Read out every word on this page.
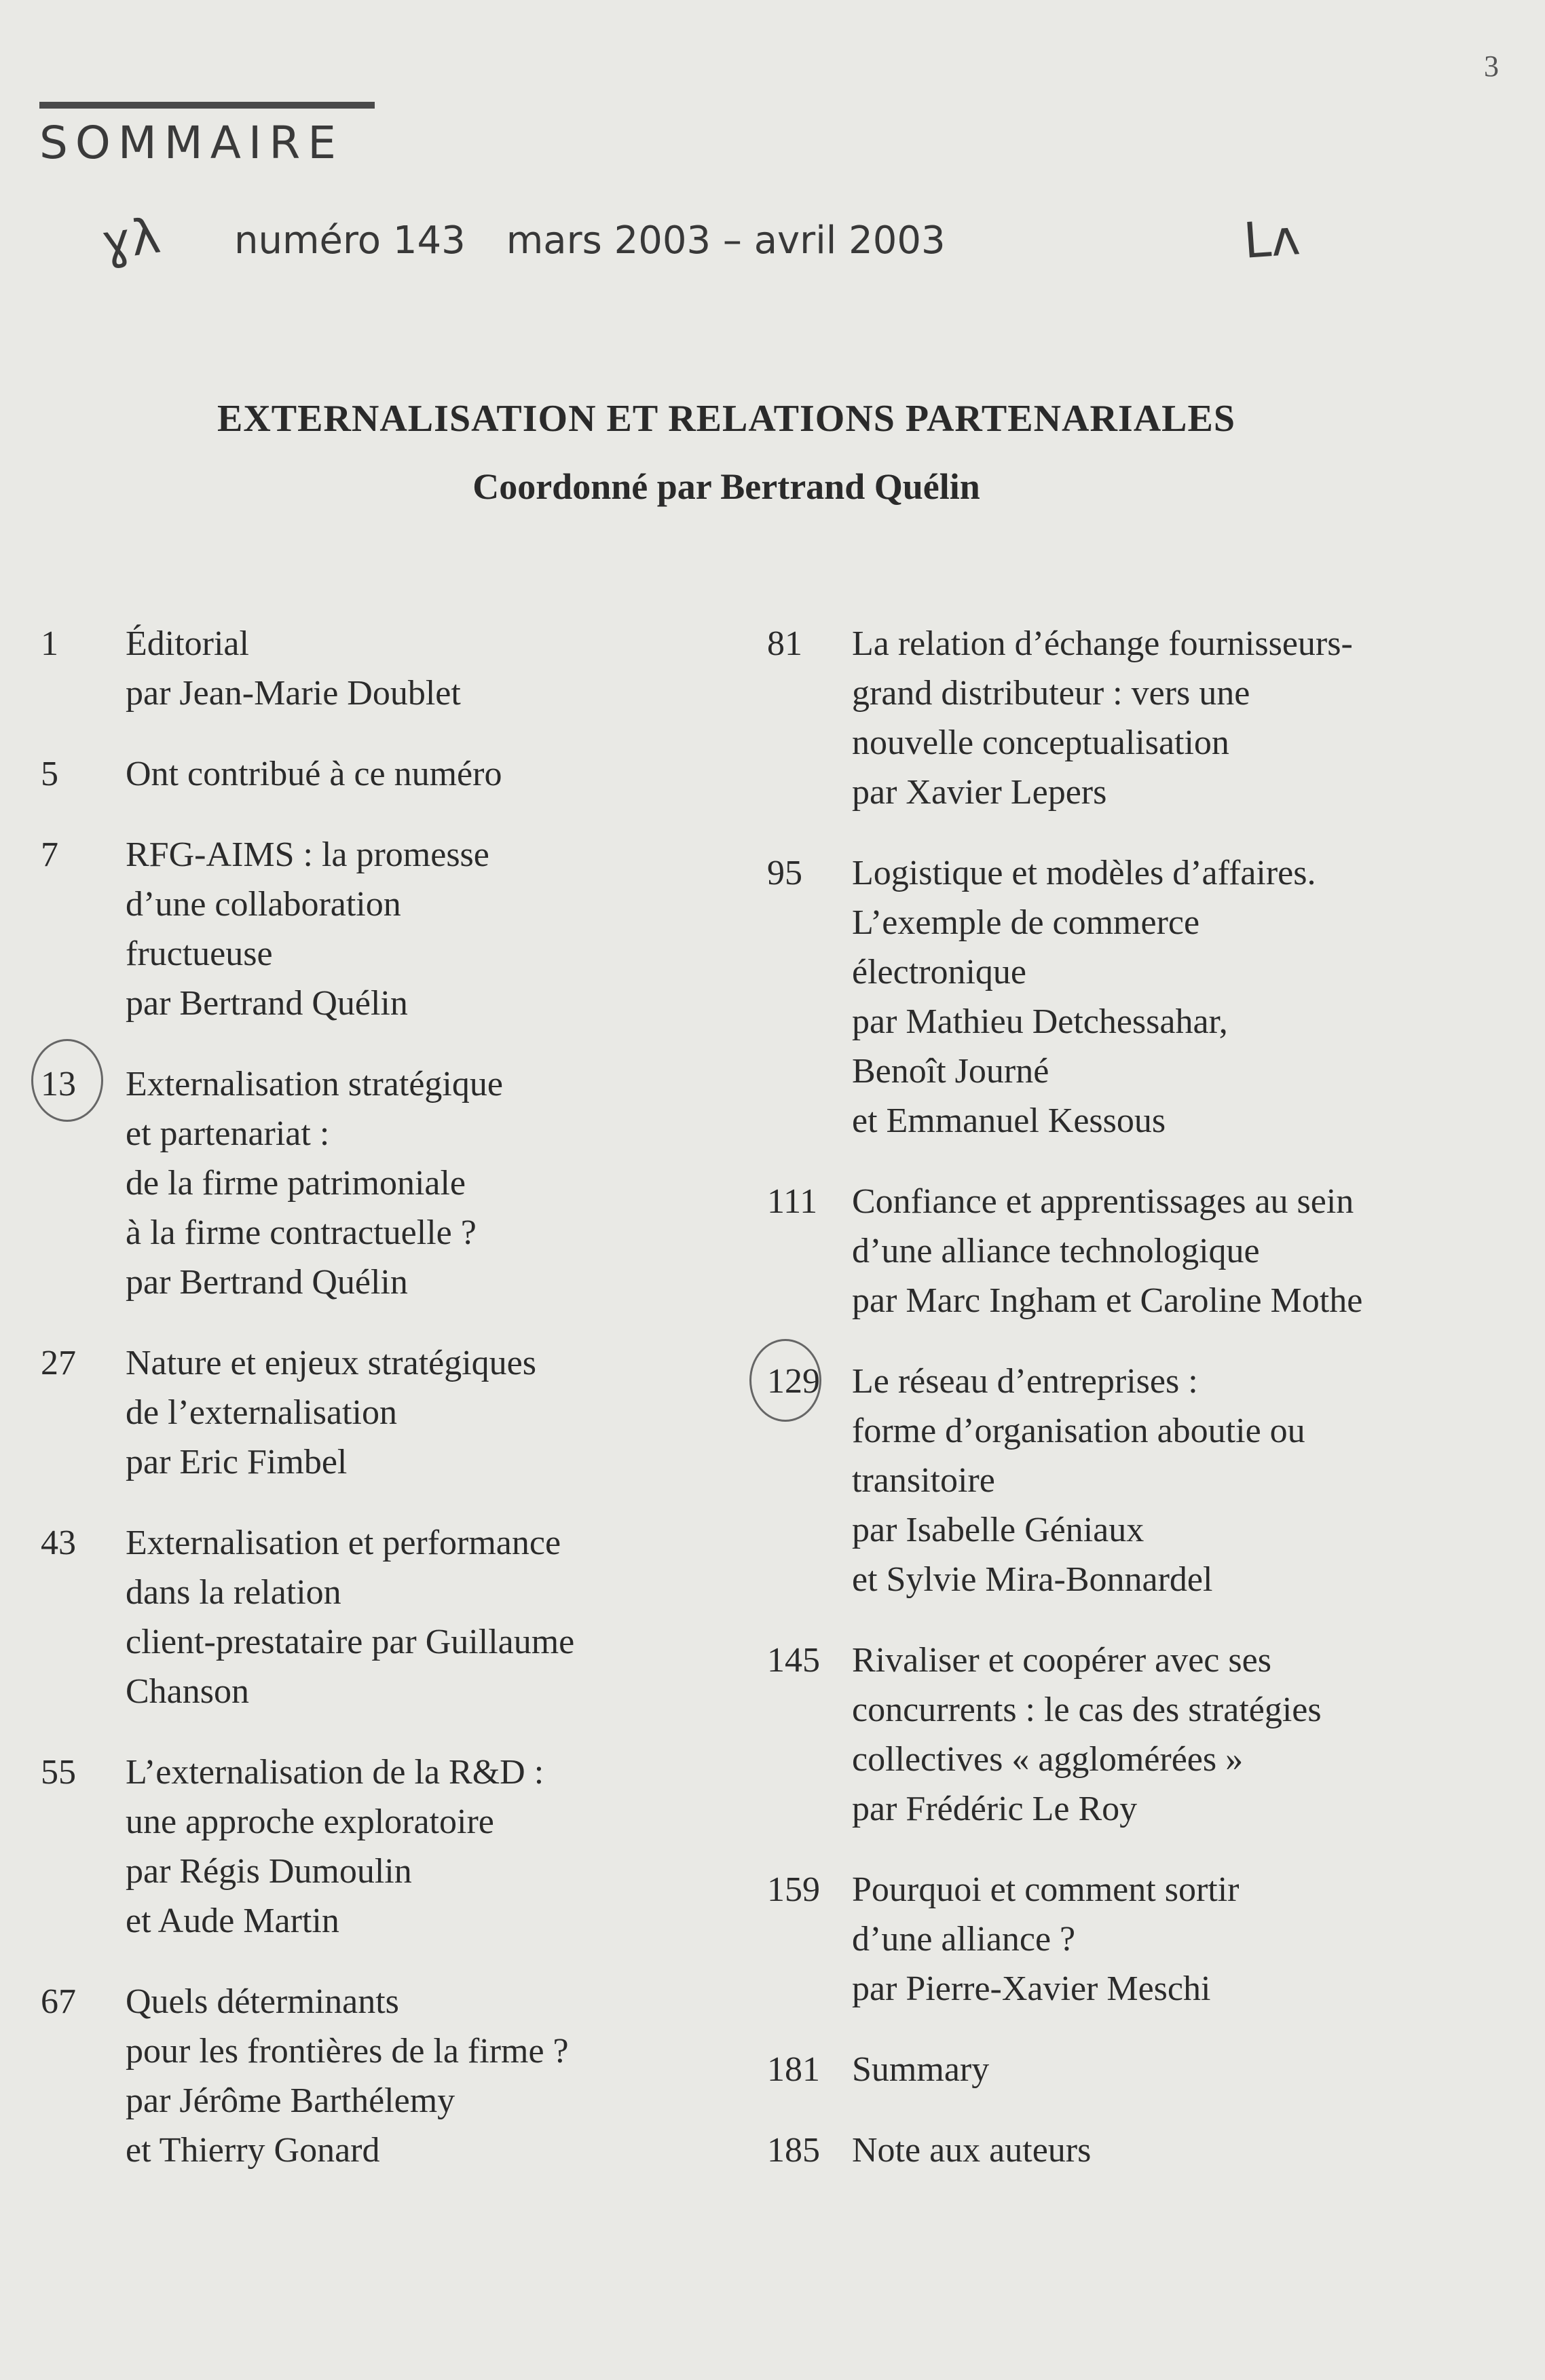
3
SOMMAIRE
ɣλ numéro 143 mars 2003 – avril 2003	Lʌ
EXTERNALISATION ET RELATIONS PARTENARIALES
Coordonné par Bertrand Quélin
1	Éditorial
par Jean-Marie Doublet
5	Ont contribué à ce numéro
7	RFG-AIMS : la promesse
d’une collaboration
fructueuse
par Bertrand Quélin
13	Externalisation stratégique
et partenariat :
de la firme patrimoniale
à la firme contractuelle ?
par Bertrand Quélin
27	Nature et enjeux stratégiques
de l’externalisation
par Eric Fimbel
43	Externalisation et performance
dans la relation
client-prestataire par Guillaume
Chanson
55	L’externalisation de la R&D :
une approche exploratoire
par Régis Dumoulin
et Aude Martin
67	Quels déterminants
pour les frontières de la firme ?
par Jérôme Barthélemy
et Thierry Gonard
81	La relation d’échange fournisseurs-
grand distributeur : vers une
nouvelle conceptualisation
par Xavier Lepers
95	Logistique et modèles d’affaires.
L’exemple de commerce
électronique
par Mathieu Detchessahar,
Benoît Journé
et Emmanuel Kessous
111 Confiance et apprentissages au sein
d’une alliance technologique
par Marc Ingham et Caroline Mothe
129 Le réseau d’entreprises :
forme d’organisation aboutie ou
transitoire
par Isabelle Géniaux
et Sylvie Mira-Bonnardel
145 Rivaliser et coopérer avec ses
concurrents : le cas des stratégies
collectives « agglomérées »
par Frédéric Le Roy
159 Pourquoi et comment sortir
d’une alliance ?
par Pierre-Xavier Meschi
181 Summary
185 Note aux auteurs
